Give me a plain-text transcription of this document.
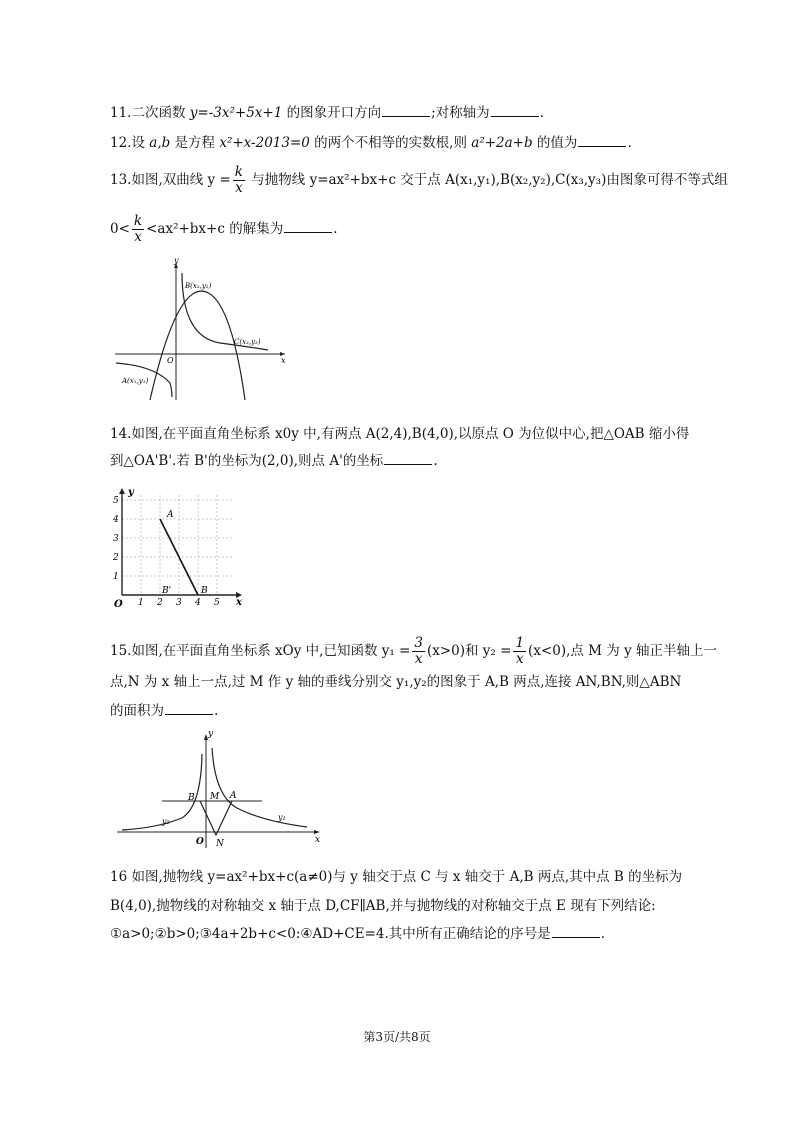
11.二次函数 y=-3x²+5x+1 的图象开口方向	;对称轴为	.
12.设 a,b 是方程 x²+x-2013=0 的两个不相等的实数根,则 a²+2a+b 的值为	.
13.如图,双曲线 $y = \frac{k}{x}$ 与抛物线 y=ax²+bx+c 交于点 A(x₁,y₁),B(x₂,y₂),C(x₃,y₃)由图象可得不等式组
$0< \frac{k}{x} <ax^2+bx+c$ 的解集为	.
y
x
O
B(x₂,y₂)
C(x₃,y₃)
A(x₁,y₁)
14.如图,在平面直角坐标系 x0y 中,有两点 A(2,4),B(4,0),以原点 O 为位似中心,把△OAB 缩小得
到△OA'B'.若 B'的坐标为(2,0),则点 A'的坐标	.
y
x
O
A
B
B'
1 2 3 4 5
1
2
3
4
5
15.如图,在平面直角坐标系 xOy 中,已知函数 $y_1 = \frac{3}{x} (x>0)$和 $y_2 = \frac{1}{x} (x<0)$,点 M 为 y 轴正半轴上一
点,N 为 x 轴上一点,过 M 作 y 轴的垂线分别交 y₁,y₂的图象于 A,B 两点,连接 AN,BN,则△ABN
的面积为	.
y
x
O
B M A
N
y₁
y₂
16 如图,抛物线 y=ax²+bx+c(a≠0)与 y 轴交于点 C 与 x 轴交于 A,B 两点,其中点 B 的坐标为
B(4,0),抛物线的对称轴交 x 轴于点 D,CF∥AB,并与抛物线的对称轴交于点 E 现有下列结论:
①a>0;②b>0;③4a+2b+c<0:④AD+CE=4.其中所有正确结论的序号是	.
第3页/共8页
